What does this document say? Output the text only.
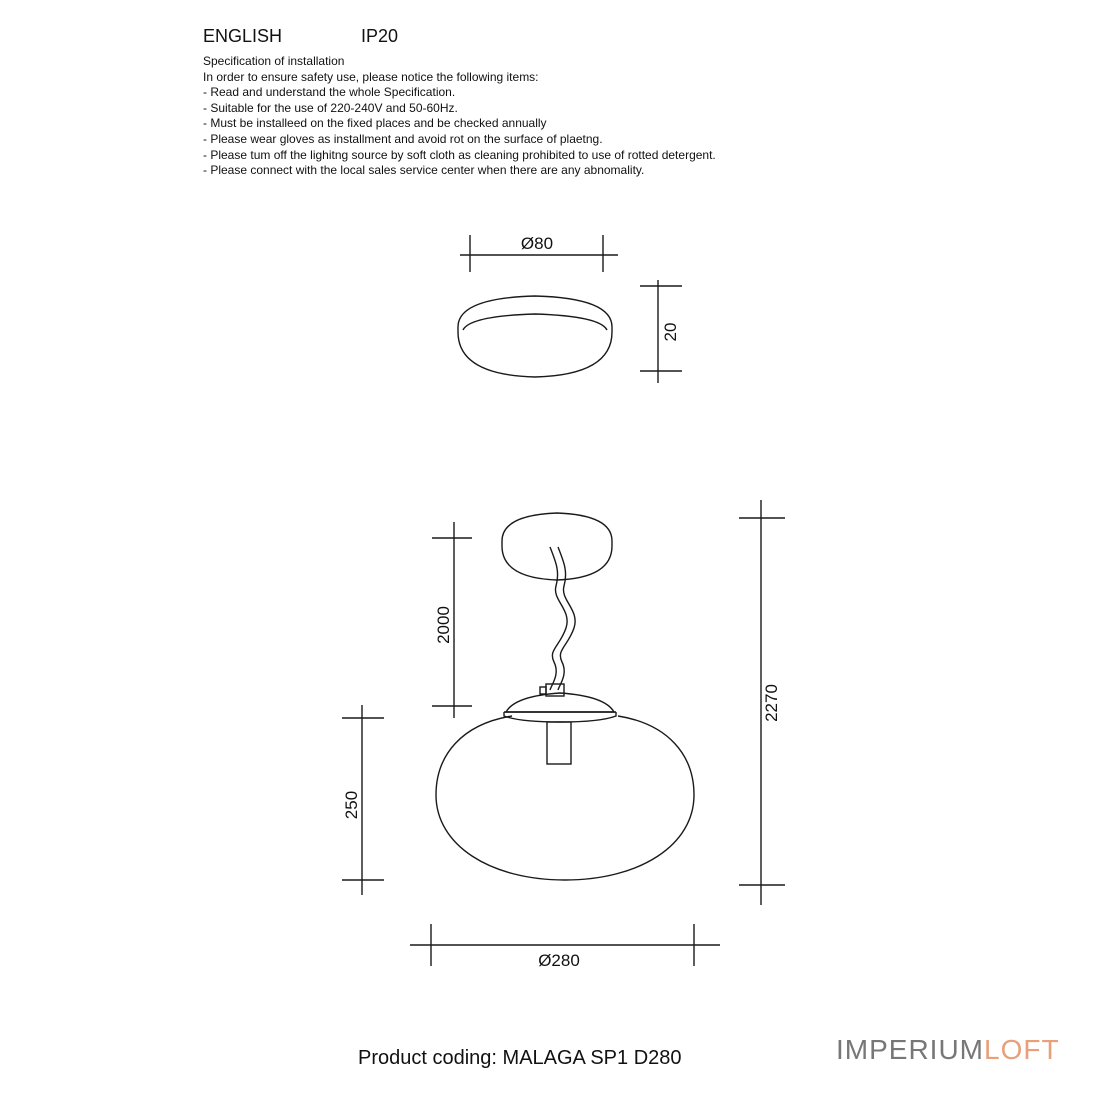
ENGLISH	IP20
Specification of installation
In order to ensure safety use, please notice the following items:
- Read and understand the whole Specification.
- Suitable for the use of 220-240V and 50-60Hz.
- Must be installeed on the fixed places and be checked annually
- Please wear gloves as installment and avoid rot on the surface of plaetng.
- Please tum off the lighitng source by soft cloth as cleaning prohibited to use of rotted detergent.
- Please connect with the local sales service center when there are any abnomality.
Ø80
20
2000
250
2270
Ø280
Product coding: MALAGA SP1 D280	IMPERIUMLOFT
